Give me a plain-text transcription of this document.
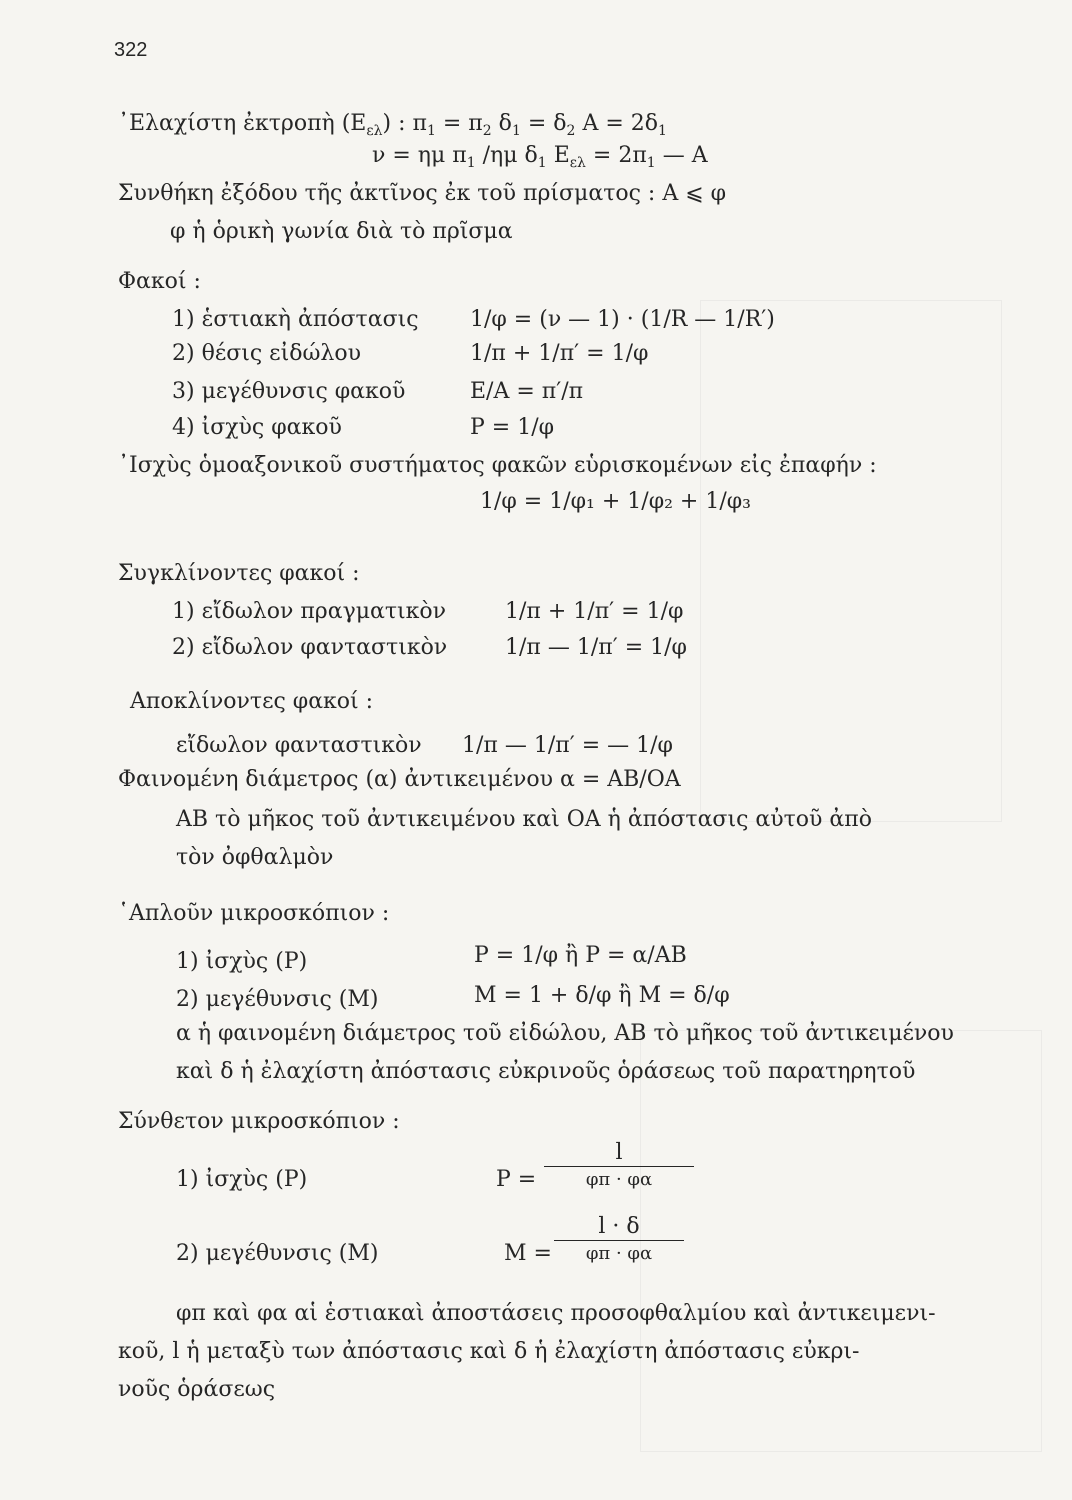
322
᾿Ελαχίστη ἐκτροπὴ $(E_{\varepsilon\lambda})$ : $\pi_1 = \pi_2$ $\delta_1 = \delta_2$ $A = 2\delta_1$
ν = ημ $\pi_1$ /ημ $\delta_1$ $E_{\varepsilon\lambda} = 2\pi_1$ — Α
Συνθήκη ἐξόδου τῆς ἀκτῖνος ἐκ τοῦ πρίσματος : Α ⩽ φ
φ ἡ ὁρικὴ γωνία διὰ τὸ πρῖσμα
Φακοί :
1) ἑστιακὴ ἀπόστασις 1/φ = (ν — 1) · (1/R — 1/R′)
2) θέσις εἰδώλου	1/π + 1/π′ = 1/φ
3) μεγέθυνσις φακοῦ	Ε/Α = π′/π
4) ἰσχὺς φακοῦ	Ρ = 1/φ
᾿Ισχὺς ὁμοαξονικοῦ συστήματος φακῶν εὑρισκομένων εἰς ἐπαφήν :
1/φ = 1/φ₁ + 1/φ₂ + 1/φ₃
Συγκλίνοντες φακοί :
1) εἴδωλον πραγματικὸν	1/π + 1/π′ = 1/φ
2) εἴδωλον φανταστικὸν	1/π — 1/π′ = 1/φ
Αποκλίνοντες φακοί :
εἴδωλον φανταστικὸν 1/π — 1/π′ = — 1/φ
Φαινομένη διάμετρος (α) ἀντικειμένου α = ΑΒ/ΟΑ
ΑΒ τὸ μῆκος τοῦ ἀντικειμένου καὶ ΟΑ ἡ ἀπόστασις αὐτοῦ ἀπὸ
τὸν ὀφθαλμὸν
῾Απλοῦν μικροσκόπιον :
1) ἰσχὺς (Ρ)	Ρ = 1/φ ἢ Ρ = α/ΑΒ
2) μεγέθυνσις (Μ)	Μ = 1 + δ/φ ἢ Μ = δ/φ
α ἡ φαινομένη διάμετρος τοῦ εἰδώλου, ΑΒ τὸ μῆκος τοῦ ἀντικειμένου
καὶ δ ἡ ἐλαχίστη ἀπόστασις εὐκρινοῦς ὁράσεως τοῦ παρατηρητοῦ
Σύνθετον μικροσκόπιον :
1) ἰσχὺς (Ρ)	Ρ =
l
φπ · φα
2) μεγέθυνσις (Μ)	Μ =
l · δ
φπ · φα
φπ καὶ φα αἱ ἑστιακαὶ ἀποστάσεις προσοφθαλμίου καὶ ἀντικειμενι-
κοῦ, l ἡ μεταξὺ των ἀπόστασις καὶ δ ἡ ἐλαχίστη ἀπόστασις εὐκρι-
νοῦς ὁράσεως
